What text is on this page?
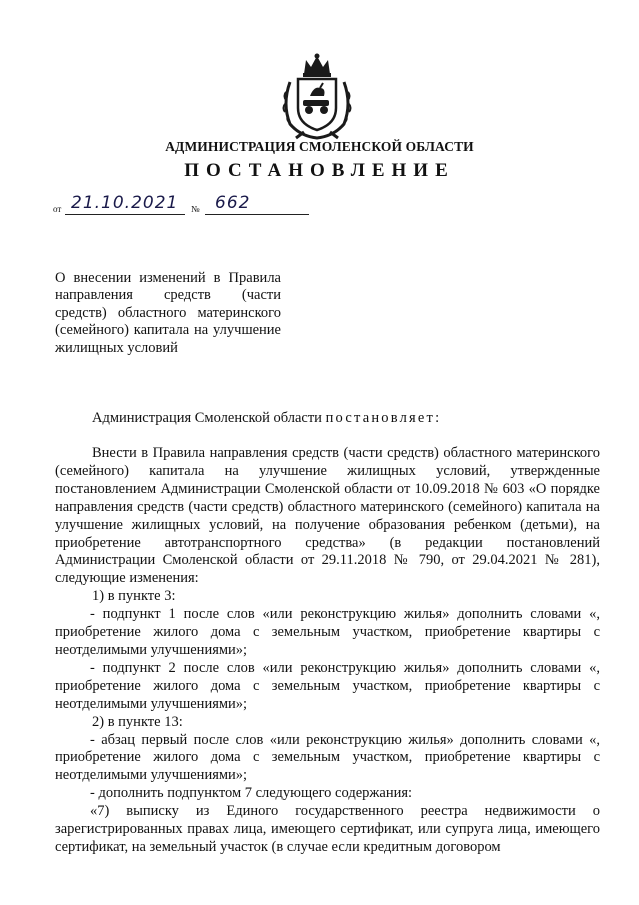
АДМИНИСТРАЦИЯ СМОЛЕНСКОЙ ОБЛАСТИ
ПОСТАНОВЛЕНИЕ
от 21.10.2021 № 662
О внесении изменений в Правила направления средств (части средств) областного материнского (семейного) капитала на улучшение жилищных условий
Администрация Смоленской области постановляет:

Внести в Правила направления средств (части средств) областного материнского (семейного) капитала на улучшение жилищных условий, утвержденные постановлением Администрации Смоленской области от 10.09.2018 № 603 «О порядке направления средств (части средств) областного материнского (семейного) капитала на улучшение жилищных условий, на получение образования ребенком (детьми), на приобретение автотранспортного средства» (в редакции постановлений Администрации Смоленской области от 29.11.2018 № 790, от 29.04.2021 № 281), следующие изменения:

1) в пункте 3:

- подпункт 1 после слов «или реконструкцию жилья» дополнить словами «, приобретение жилого дома с земельным участком, приобретение квартиры с неотделимыми улучшениями»;

- подпункт 2 после слов «или реконструкцию жилья» дополнить словами «, приобретение жилого дома с земельным участком, приобретение квартиры с неотделимыми улучшениями»;

2) в пункте 13:

- абзац первый после слов «или реконструкцию жилья» дополнить словами «, приобретение жилого дома с земельным участком, приобретение квартиры с неотделимыми улучшениями»;

- дополнить подпунктом 7 следующего содержания:

«7) выписку из Единого государственного реестра недвижимости о зарегистрированных правах лица, имеющего сертификат, или супруга лица, имеющего сертификат, на земельный участок (в случае если кредитным договором
